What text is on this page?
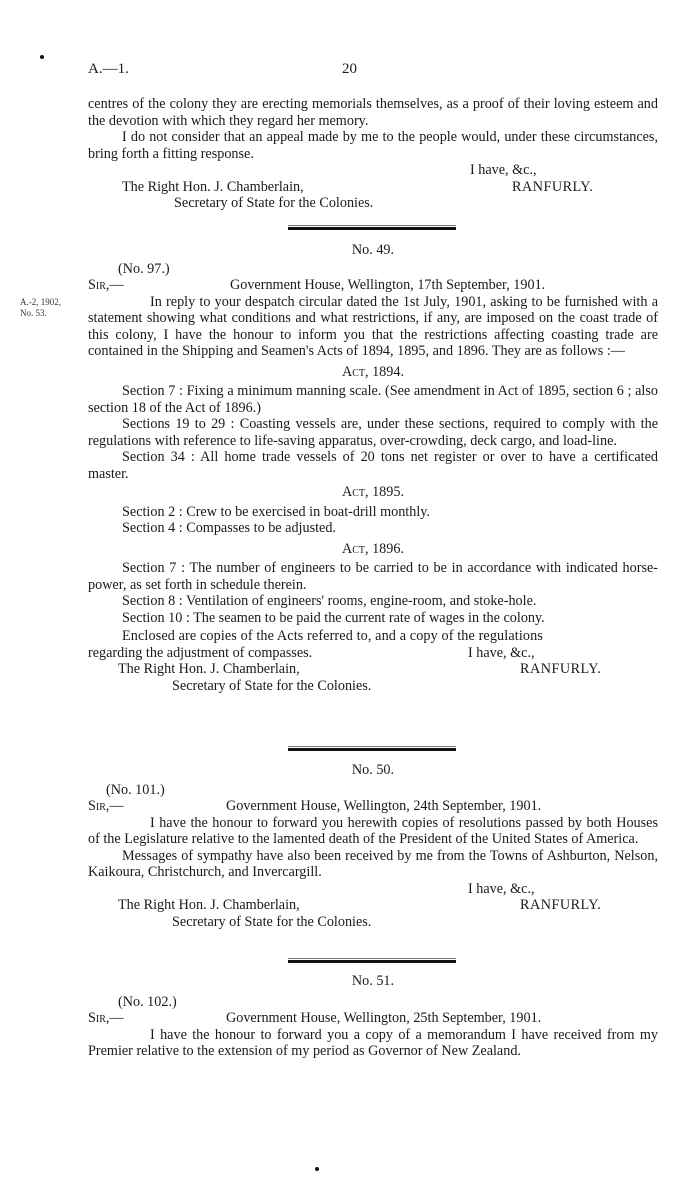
A.—1.	20

centres of the colony they are erecting memorials themselves, as a proof of their loving esteem and the devotion with which they regard her memory.

I do not consider that an appeal made by me to the people would, under these circumstances, bring forth a fitting response.

I have, &c.,
The Right Hon. J. Chamberlain,	RANFURLY.
Secretary of State for the Colonies.

No. 49.

(No. 97.)
Sir,—	Government House, Wellington, 17th September, 1901.

In reply to your despatch circular dated the 1st July, 1901, asking to be furnished with a statement showing what conditions and what restrictions, if any, are imposed on the coast trade of this colony, I have the honour to inform you that the restrictions affecting coasting trade are contained in the Shipping and Seamen's Acts of 1894, 1895, and 1896. They are as follows :—

Act, 1894.

Section 7 : Fixing a minimum manning scale. (See amendment in Act of 1895, section 6 ; also section 18 of the Act of 1896.)

Sections 19 to 29 : Coasting vessels are, under these sections, required to comply with the regulations with reference to life-saving apparatus, over-crowding, deck cargo, and load-line.

Section 34 : All home trade vessels of 20 tons net register or over to have a certificated master.

Act, 1895.

Section 2 : Crew to be exercised in boat-drill monthly.

Section 4 : Compasses to be adjusted.

Act, 1896.

Section 7 : The number of engineers to be carried to be in accordance with indicated horse-power, as set forth in schedule therein.

Section 8 : Ventilation of engineers' rooms, engine-room, and stoke-hole.

Section 10 : The seamen to be paid the current rate of wages in the colony.

Enclosed are copies of the Acts referred to, and a copy of the regulations
regarding the adjustment of compasses.	I have, &c.,
The Right Hon. J. Chamberlain,	RANFURLY.
Secretary of State for the Colonies.
A.-2, 1902, No. 53.

No. 50.

(No. 101.)
Sir,—	Government House, Wellington, 24th September, 1901.

I have the honour to forward you herewith copies of resolutions passed by both Houses of the Legislature relative to the lamented death of the President of the United States of America.

Messages of sympathy have also been received by me from the Towns of Ashburton, Nelson, Kaikoura, Christchurch, and Invercargill.

I have, &c.,
The Right Hon. J. Chamberlain,	RANFURLY.
Secretary of State for the Colonies.

No. 51.

(No. 102.)
Sir,—	Government House, Wellington, 25th September, 1901.

I have the honour to forward you a copy of a memorandum I have received from my Premier relative to the extension of my period as Governor of New Zealand.
